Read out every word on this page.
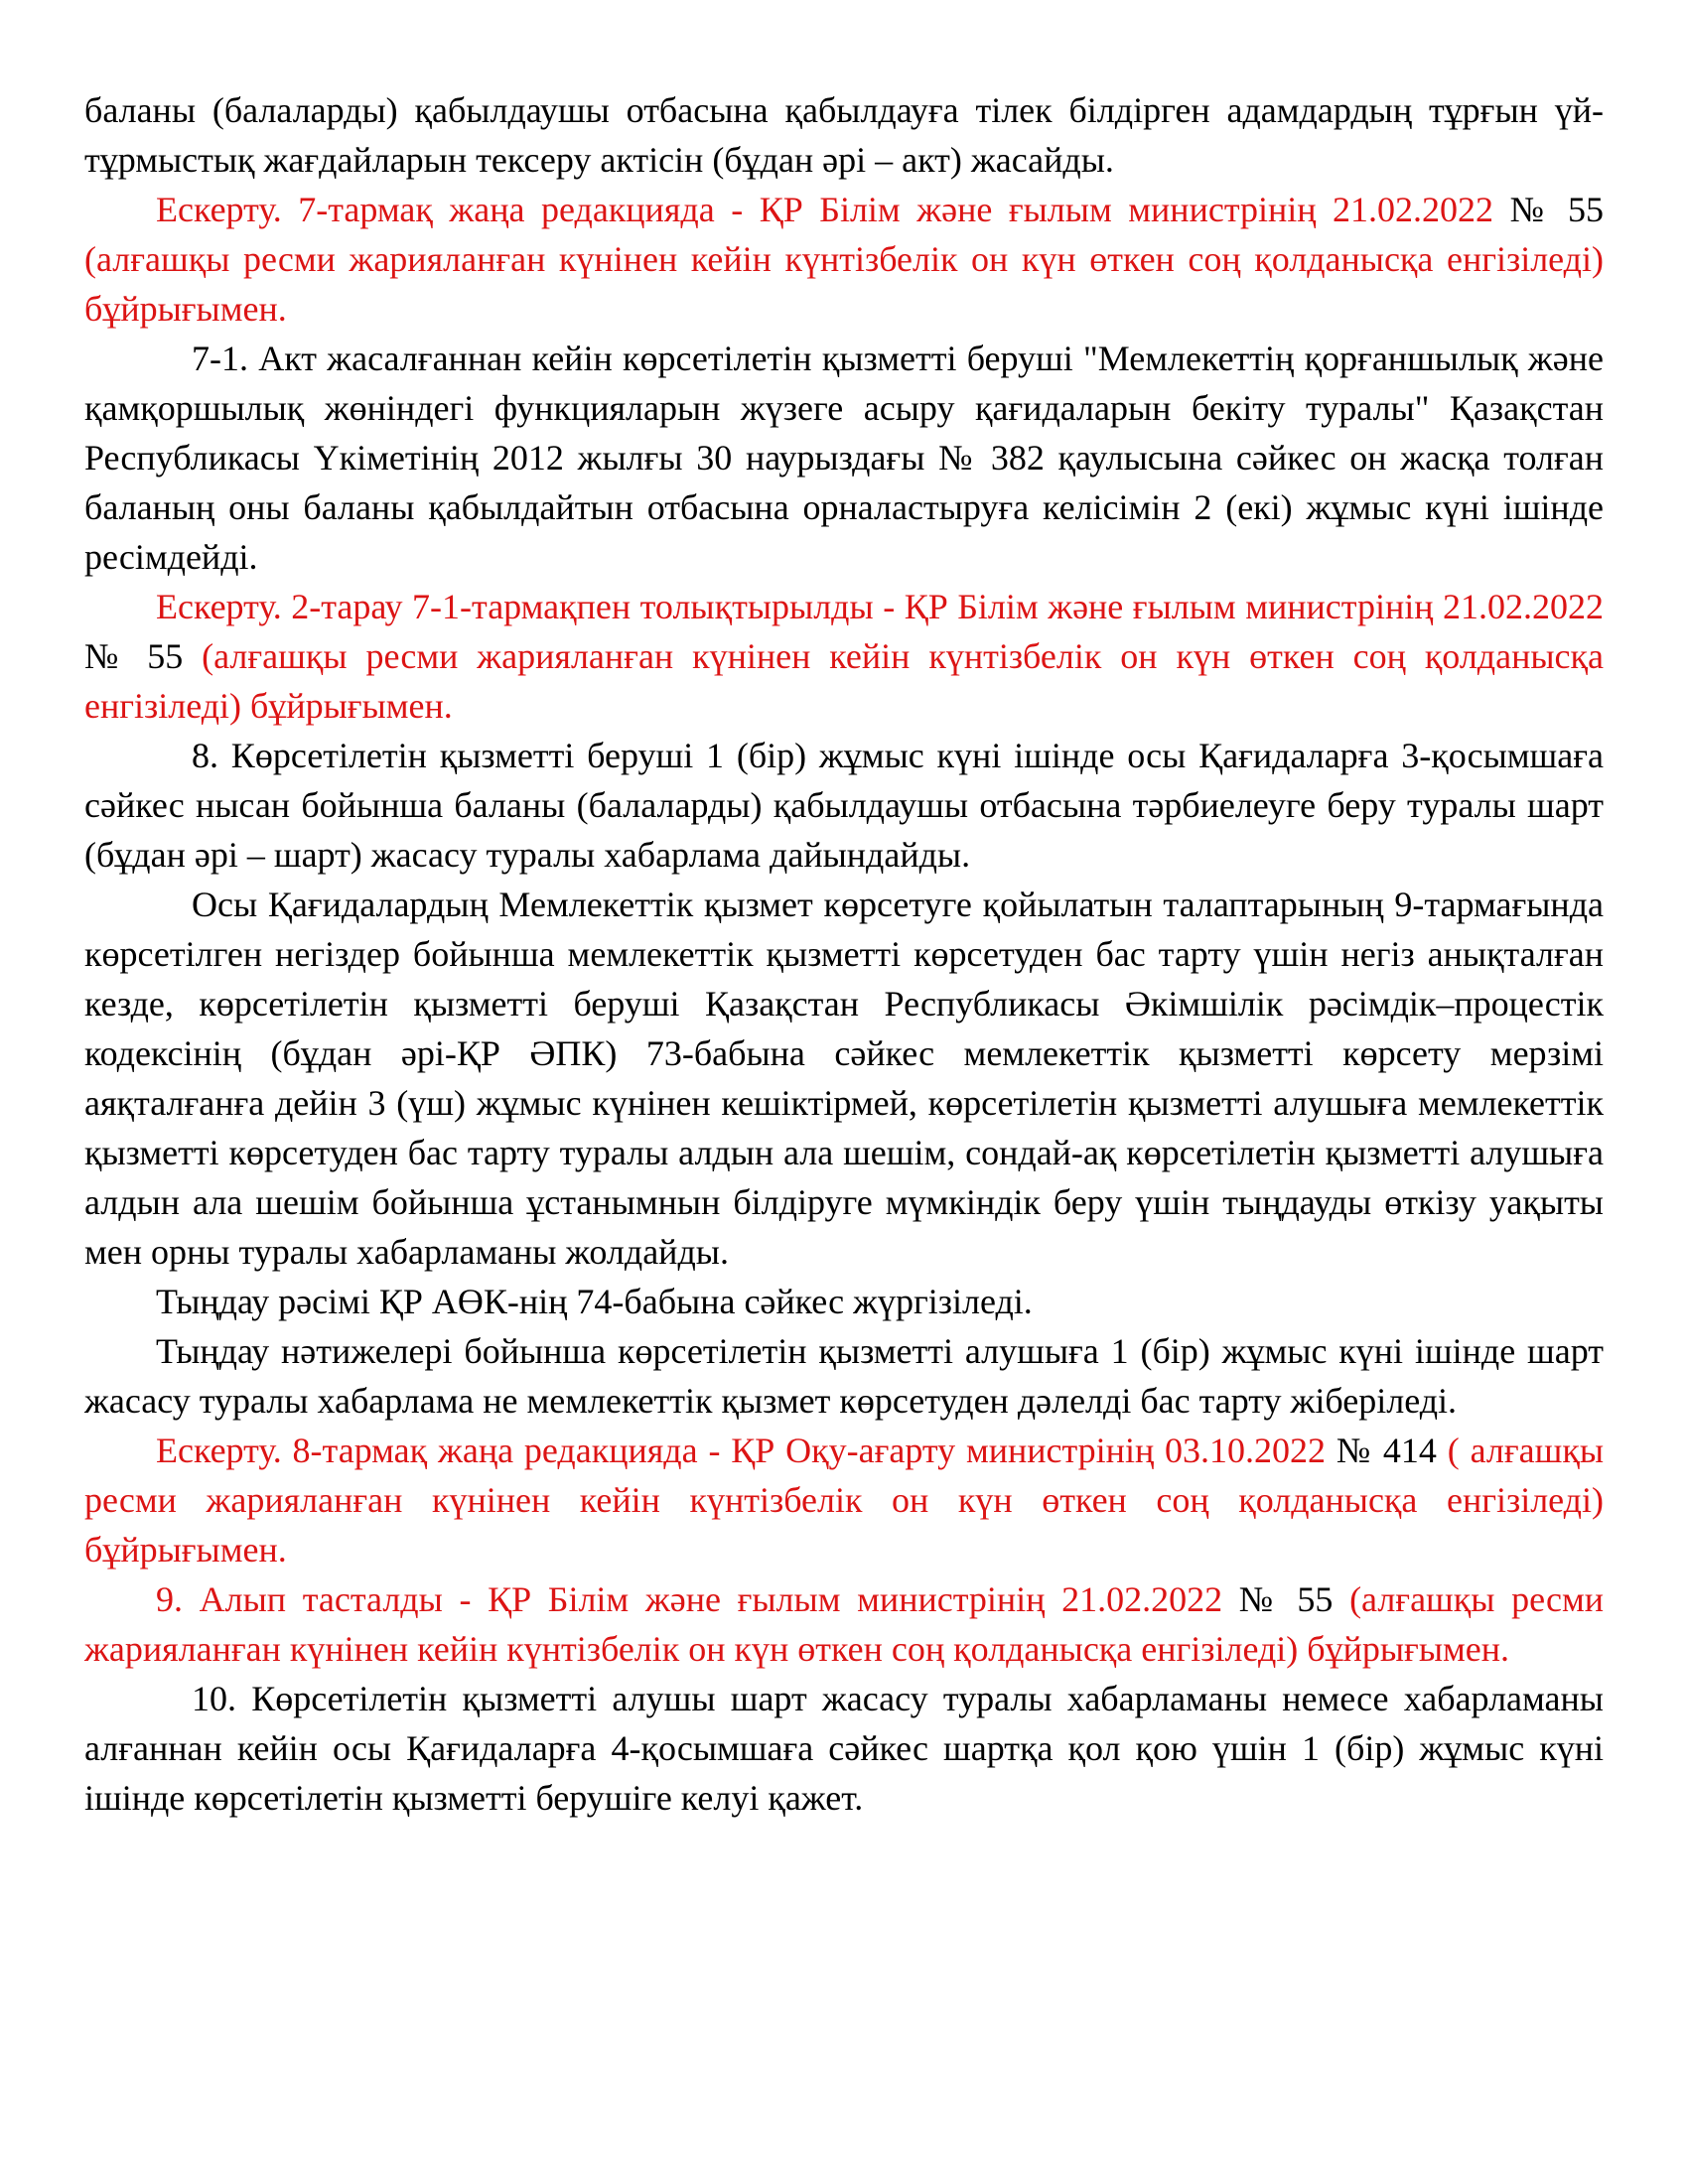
баланы (балаларды) қабылдаушы отбасына қабылдауға тілек білдірген адамдардың тұрғын үй-тұрмыстық жағдайларын тексеру актісін (бұдан әрі – акт) жасайды.

Ескерту. 7-тармақ жаңа редакцияда - ҚР Білім және ғылым министрінің 21.02.2022 № 55 (алғашқы ресми жарияланған күнінен кейін күнтізбелік он күн өткен соң қолданысқа енгізіледі) бұйрығымен.

7-1. Акт жасалғаннан кейін көрсетілетін қызметті беруші "Мемлекеттің қорғаншылық және қамқоршылық жөніндегі функцияларын жүзеге асыру қағидаларын бекіту туралы" Қазақстан Республикасы Үкіметінің 2012 жылғы 30 наурыздағы № 382 қаулысына сәйкес он жасқа толған баланың оны баланы қабылдайтын отбасына орналастыруға келісімін 2 (екі) жұмыс күні ішінде ресімдейді.

Ескерту. 2-тарау 7-1-тармақпен толықтырылды - ҚР Білім және ғылым министрінің 21.02.2022 № 55 (алғашқы ресми жарияланған күнінен кейін күнтізбелік он күн өткен соң қолданысқа енгізіледі) бұйрығымен.

8. Көрсетілетін қызметті беруші 1 (бір) жұмыс күні ішінде осы Қағидаларға 3-қосымшаға сәйкес нысан бойынша баланы (балаларды) қабылдаушы отбасына тәрбиелеуге беру туралы шарт (бұдан әрі – шарт) жасасу туралы хабарлама дайындайды.

Осы Қағидалардың Мемлекеттік қызмет көрсетуге қойылатын талаптарының 9-тармағында көрсетілген негіздер бойынша мемлекеттік қызметті көрсетуден бас тарту үшін негіз анықталған кезде, көрсетілетін қызметті беруші Қазақстан Республикасы Әкімшілік рәсімдік–процестік кодексінің (бұдан әрі-ҚР ӘПК) 73-бабына сәйкес мемлекеттік қызметті көрсету мерзімі аяқталғанға дейін 3 (үш) жұмыс күнінен кешіктірмей, көрсетілетін қызметті алушыға мемлекеттік қызметті көрсетуден бас тарту туралы алдын ала шешім, сондай-ақ көрсетілетін қызметті алушыға алдын ала шешім бойынша ұстанымнын білдіруге мүмкіндік беру үшін тыңдауды өткізу уақыты мен орны туралы хабарламаны жолдайды.

Тыңдау рәсімі ҚР АӨК-нің 74-бабына сәйкес жүргізіледі.

Тыңдау нәтижелері бойынша көрсетілетін қызметті алушыға 1 (бір) жұмыс күні ішінде шарт жасасу туралы хабарлама не мемлекеттік қызмет көрсетуден дәлелді бас тарту жіберіледі.

Ескерту. 8-тармақ жаңа редакцияда - ҚР Оқу-ағарту министрінің 03.10.2022 № 414 ( алғашқы ресми жарияланған күнінен кейін күнтізбелік он күн өткен соң қолданысқа енгізіледі) бұйрығымен.

9. Алып тасталды - ҚР Білім және ғылым министрінің 21.02.2022 № 55 (алғашқы ресми жарияланған күнінен кейін күнтізбелік он күн өткен соң қолданысқа енгізіледі) бұйрығымен.

10. Көрсетілетін қызметті алушы шарт жасасу туралы хабарламаны немесе хабарламаны алғаннан кейін осы Қағидаларға 4-қосымшаға сәйкес шартқа қол қою үшін 1 (бір) жұмыс күні ішінде көрсетілетін қызметті берушіге келуі қажет.
